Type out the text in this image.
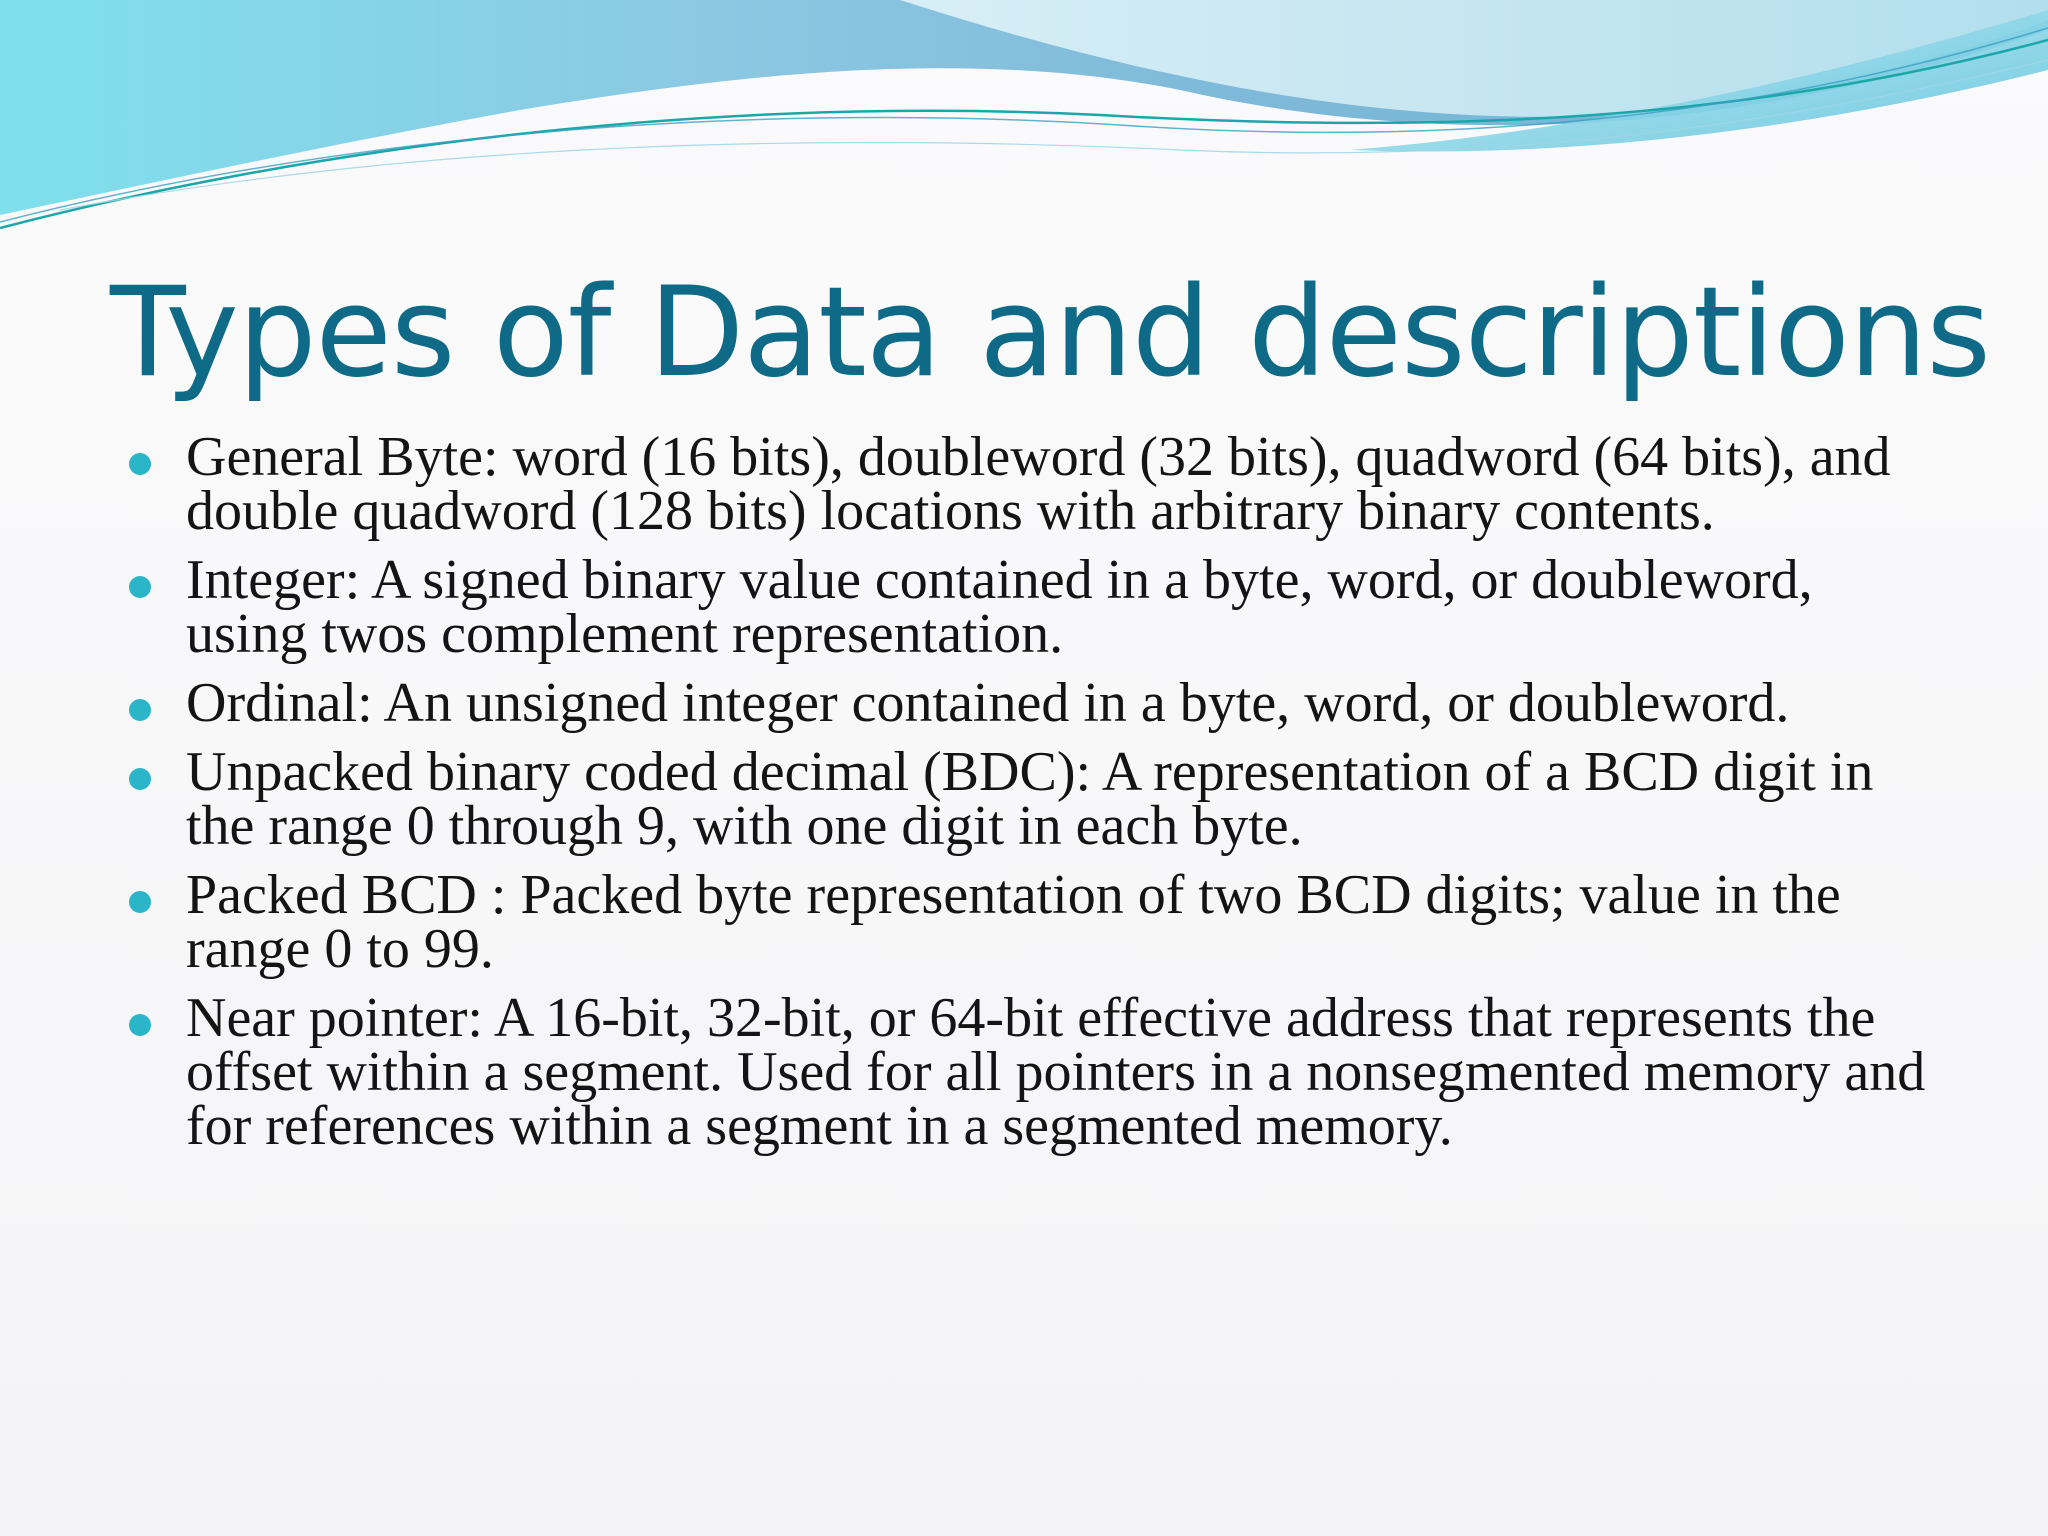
Types of Data and descriptions
General Byte: word (16 bits), doubleword (32 bits), quadword (64 bits), and double quadword (128 bits) locations with arbitrary binary contents.
Integer: A signed binary value contained in a byte, word, or doubleword, using twos complement representation.
Ordinal: An unsigned integer contained in a byte, word, or doubleword.
Unpacked binary coded decimal (BDC): A representation of a BCD digit in the range 0 through 9, with one digit in each byte.
Packed BCD : Packed byte representation of two BCD digits; value in the range 0 to 99.
Near pointer: A 16-bit, 32-bit, or 64-bit effective address that represents the offset within a segment. Used for all pointers in a nonsegmented memory and for references within a segment in a segmented memory.
